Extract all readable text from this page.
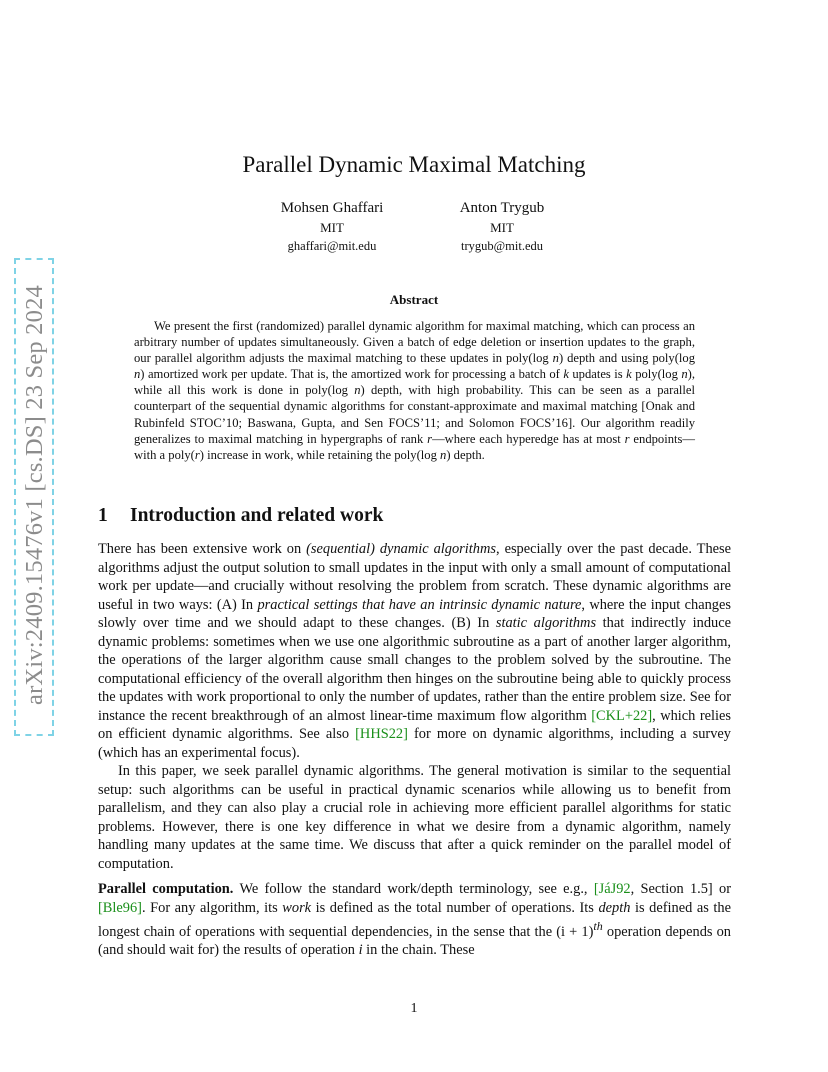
arXiv:2409.15476v1 [cs.DS] 23 Sep 2024
Parallel Dynamic Maximal Matching
Mohsen Ghaffari
MIT
ghaffari@mit.edu
Anton Trygub
MIT
trygub@mit.edu
Abstract

We present the first (randomized) parallel dynamic algorithm for maximal matching, which can process an arbitrary number of updates simultaneously. Given a batch of edge deletion or insertion updates to the graph, our parallel algorithm adjusts the maximal matching to these updates in poly(log n) depth and using poly(log n) amortized work per update. That is, the amortized work for processing a batch of k updates is k poly(log n), while all this work is done in poly(log n) depth, with high probability. This can be seen as a parallel counterpart of the sequential dynamic algorithms for constant-approximate and maximal matching [Onak and Rubinfeld STOC’10; Baswana, Gupta, and Sen FOCS’11; and Solomon FOCS’16]. Our algorithm readily generalizes to maximal matching in hypergraphs of rank r—where each hyperedge has at most r endpoints—with a poly(r) increase in work, while retaining the poly(log n) depth.

1 Introduction and related work

There has been extensive work on (sequential) dynamic algorithms, especially over the past decade. These algorithms adjust the output solution to small updates in the input with only a small amount of computational work per update—and crucially without resolving the problem from scratch. These dynamic algorithms are useful in two ways: (A) In practical settings that have an intrinsic dynamic nature, where the input changes slowly over time and we should adapt to these changes. (B) In static algorithms that indirectly induce dynamic problems: sometimes when we use one algorithmic subroutine as a part of another larger algorithm, the operations of the larger algorithm cause small changes to the problem solved by the subroutine. The computational efficiency of the overall algorithm then hinges on the subroutine being able to quickly process the updates with work proportional to only the number of updates, rather than the entire problem size. See for instance the recent breakthrough of an almost linear-time maximum flow algorithm [CKL+22], which relies on efficient dynamic algorithms. See also [HHS22] for more on dynamic algorithms, including a survey (which has an experimental focus).

In this paper, we seek parallel dynamic algorithms. The general motivation is similar to the sequential setup: such algorithms can be useful in practical dynamic scenarios while allowing us to benefit from parallelism, and they can also play a crucial role in achieving more efficient parallel algorithms for static problems. However, there is one key difference in what we desire from a dynamic algorithm, namely handling many updates at the same time. We discuss that after a quick reminder on the parallel model of computation.

Parallel computation. We follow the standard work/depth terminology, see e.g., [JáJ92, Section 1.5] or [Ble96]. For any algorithm, its work is defined as the total number of operations. Its depth is defined as the longest chain of operations with sequential dependencies, in the sense that the $(i + 1)^{th}$ operation depends on (and should wait for) the results of operation i in the chain. These

1
